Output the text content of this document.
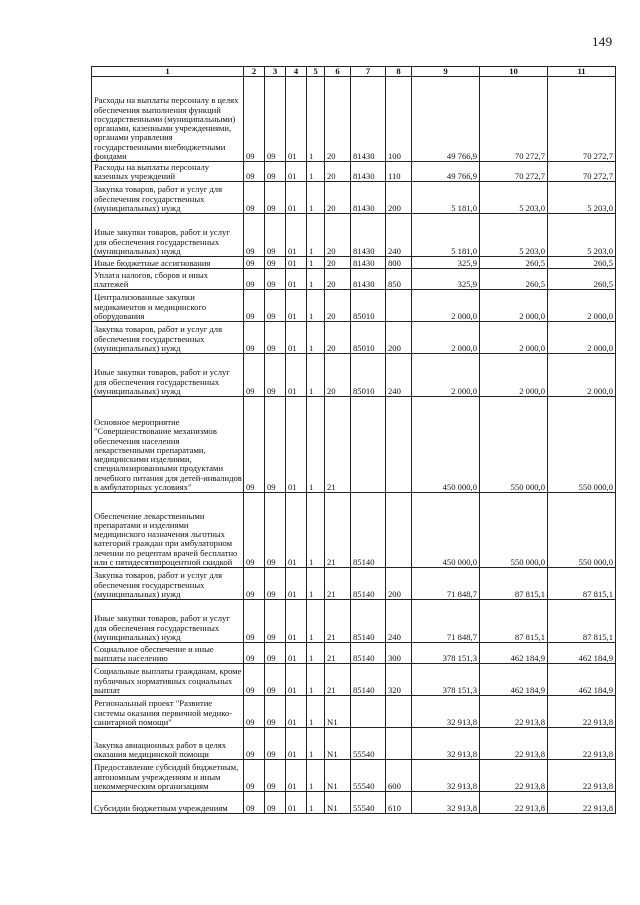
149
1	2	3	4	5	6	7	8	9	10	11
Расходы на выплаты персоналу в целях обеспечения выполнения функций государственными (муниципальными) органами, казенными учреждениями, органами управления государственными внебюджетными фондами	09	09	01	1	20	81430	100	49 766,9	70 272,7	70 272,7
Расходы на выплаты персоналу казенных учреждений	09	09	01	1	20	81430	110	49 766,9	70 272,7	70 272,7
Закупка товаров, работ и услуг для обеспечения государственных (муниципальных) нужд	09	09	01	1	20	81430	200	5 181,0	5 203,0	5 203,0
Иные закупки товаров, работ и услуг для обеспечения государственных (муниципальных) нужд	09	09	01	1	20	81430	240	5 181,0	5 203,0	5 203,0
Иные бюджетные ассигнования	09	09	01	1	20	81430	800	325,9	260,5	260,5
Уплата налогов, сборов и иных платежей	09	09	01	1	20	81430	850	325,9	260,5	260,5
Централизованные закупки медикаментов и медицинского оборудования	09	09	01	1	20	85010		2 000,0	2 000,0	2 000,0
Закупка товаров, работ и услуг для обеспечения государственных (муниципальных) нужд	09	09	01	1	20	85010	200	2 000,0	2 000,0	2 000,0
Иные закупки товаров, работ и услуг для обеспечения государственных (муниципальных) нужд	09	09	01	1	20	85010	240	2 000,0	2 000,0	2 000,0
Основное мероприятие "Совершенствование механизмов обеспечения населения лекарственными препаратами, медицинскими изделиями, специализированными продуктами лечебного питания для детей-инвалидов в амбулаторных условиях"	09	09	01	1	21			450 000,0	550 000,0	550 000,0
Обеспечение лекарственными препаратами и изделиями медицинского назначения льготных категорий граждан при амбулаторном лечении по рецептам врачей бесплатно или с пятидесятипроцентной скидкой	09	09	01	1	21	85140		450 000,0	550 000,0	550 000,0
Закупка товаров, работ и услуг для обеспечения государственных (муниципальных) нужд	09	09	01	1	21	85140	200	71 848,7	87 815,1	87 815,1
Иные закупки товаров, работ и услуг для обеспечения государственных (муниципальных) нужд	09	09	01	1	21	85140	240	71 848,7	87 815,1	87 815,1
Социальное обеспечение и иные выплаты населению	09	09	01	1	21	85140	300	378 151,3	462 184,9	462 184,9
Социальные выплаты гражданам, кроме публичных нормативных социальных выплат	09	09	01	1	21	85140	320	378 151,3	462 184,9	462 184,9
Региональный проект "Развитие системы оказания первичной медико-санитарной помощи"	09	09	01	1	N1			32 913,8	22 913,8	22 913,8
Закупка авиационных работ в целях оказания медицинской помощи	09	09	01	1	N1	55540		32 913,8	22 913,8	22 913,8
Предоставление субсидий бюджетным, автономным учреждениям и иным некоммерческим организациям	09	09	01	1	N1	55540	600	32 913,8	22 913,8	22 913,8
Субсидии бюджетным учреждениям	09	09	01	1	N1	55540	610	32 913,8	22 913,8	22 913,8
